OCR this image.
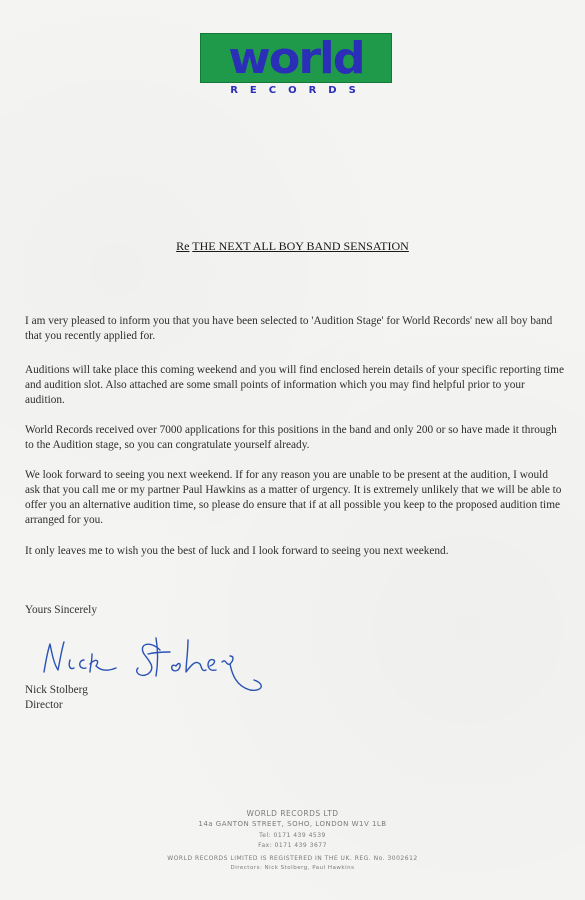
world
RECORDS
Re THE NEXT ALL BOY BAND SENSATION

I am very pleased to inform you that you have been selected to 'Audition Stage' for World Records' new all boy band that you recently applied for.

Auditions will take place this coming weekend and you will find enclosed herein details of your specific reporting time and audition slot. Also attached are some small points of information which you may find helpful prior to your audition.

World Records received over 7000 applications for this positions in the band and only 200 or so have made it through to the Audition stage, so you can congratulate yourself already.

We look forward to seeing you next weekend. If for any reason you are unable to be present at the audition, I would ask that you call me or my partner Paul Hawkins as a matter of urgency. It is extremely unlikely that we will be able to offer you an alternative audition time, so please do ensure that if at all possible you keep to the proposed audition time arranged for you.

It only leaves me to wish you the best of luck and I look forward to seeing you next weekend.

Yours Sincerely
Nick Stolberg
Director
WORLD RECORDS LTD
14a GANTON STREET, SOHO, LONDON W1V 1LB
Tel: 0171 439 4539
Fax: 0171 439 3677
WORLD RECORDS LIMITED IS REGISTERED IN THE UK. REG. No. 3002612
Directors: Nick Stolberg, Paul Hawkins
